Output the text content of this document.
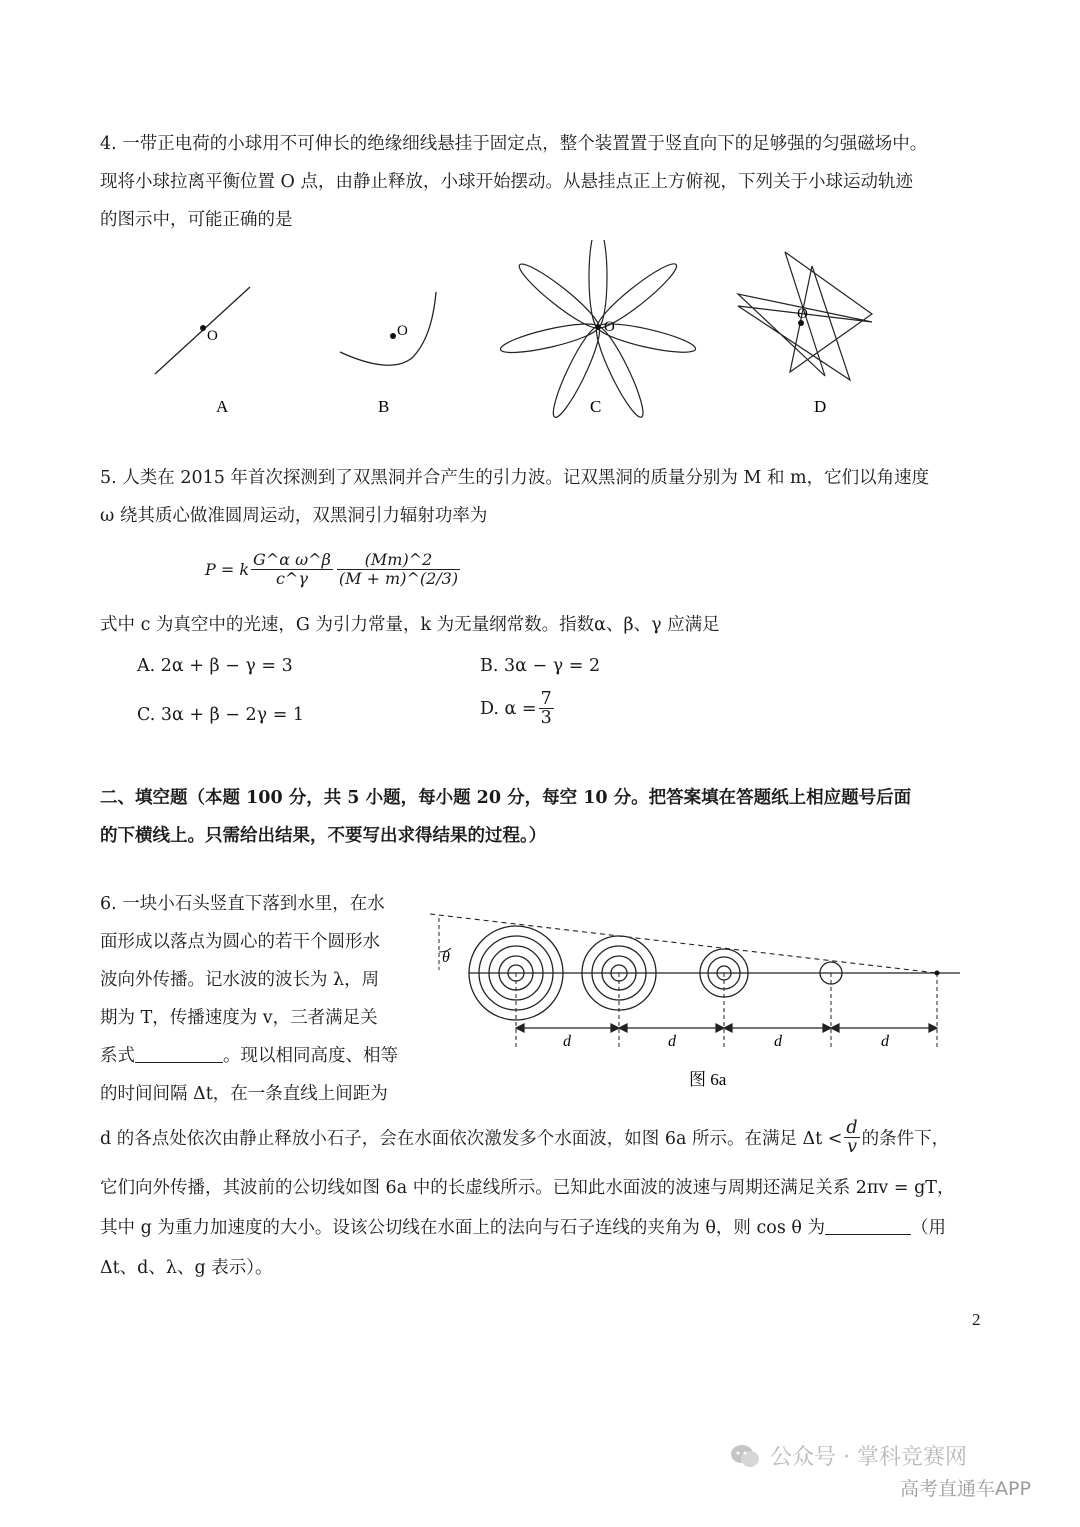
4. 一带正电荷的小球用不可伸长的绝缘细线悬挂于固定点，整个装置置于竖直向下的足够强的匀强磁场中。
现将小球拉离平衡位置 O 点，由静止释放，小球开始摆动。从悬挂点正上方俯视，下列关于小球运动轨迹
的图示中，可能正确的是
O	O	O
O
A	B	C	D
5. 人类在 2015 年首次探测到了双黑洞并合产生的引力波。记双黑洞的质量分别为 M 和 m，它们以角速度
ω 绕其质心做准圆周运动，双黑洞引力辐射功率为
P = k $\frac{\text{G\textasciicircum{}α ω\textasciicircum{}β}}{c\^{}\gamma} \frac{(Mm)\^{}2}{(M + m)\^{}(2/3)}$
式中 c 为真空中的光速，G 为引力常量，k 为无量纲常数。指数α、β、γ 应满足
A. 2α + β − γ = 3	B. 3α − γ = 2
C. 3α + β − 2γ = 1	D. $\alpha = \frac{7}{3}$
二、填空题（本题 100 分，共 5 小题，每小题 20 分，每空 10 分。把答案填在答题纸上相应题号后面
的下横线上。只需给出结果，不要写出求得结果的过程。）
6. 一块小石头竖直下落到水里，在水
面形成以落点为圆心的若干个圆形水
波向外传播。记水波的波长为 λ，周
期为 T，传播速度为 v，三者满足关
系式	。现以相同高度、相等
的时间间隔 Δt，在一条直线上间距为
θ
d	d	d	d
图 6a
d 的各点处依次由静止释放小石子，会在水面依次激发多个水面波，如图 6a 所示。在满足 $\Delta t < \frac{d}{v}$ 的条件下，
它们向外传播，其波前的公切线如图 6a 中的长虚线所示。已知此水面波的波速与周期还满足关系 2πv = gT，
其中 g 为重力加速度的大小。设该公切线在水面上的法向与石子连线的夹角为 θ，则 cos θ 为	（用
Δt、d、λ、g 表示）。
2
公众号 · 掌科竞赛网
高考直通车APP
